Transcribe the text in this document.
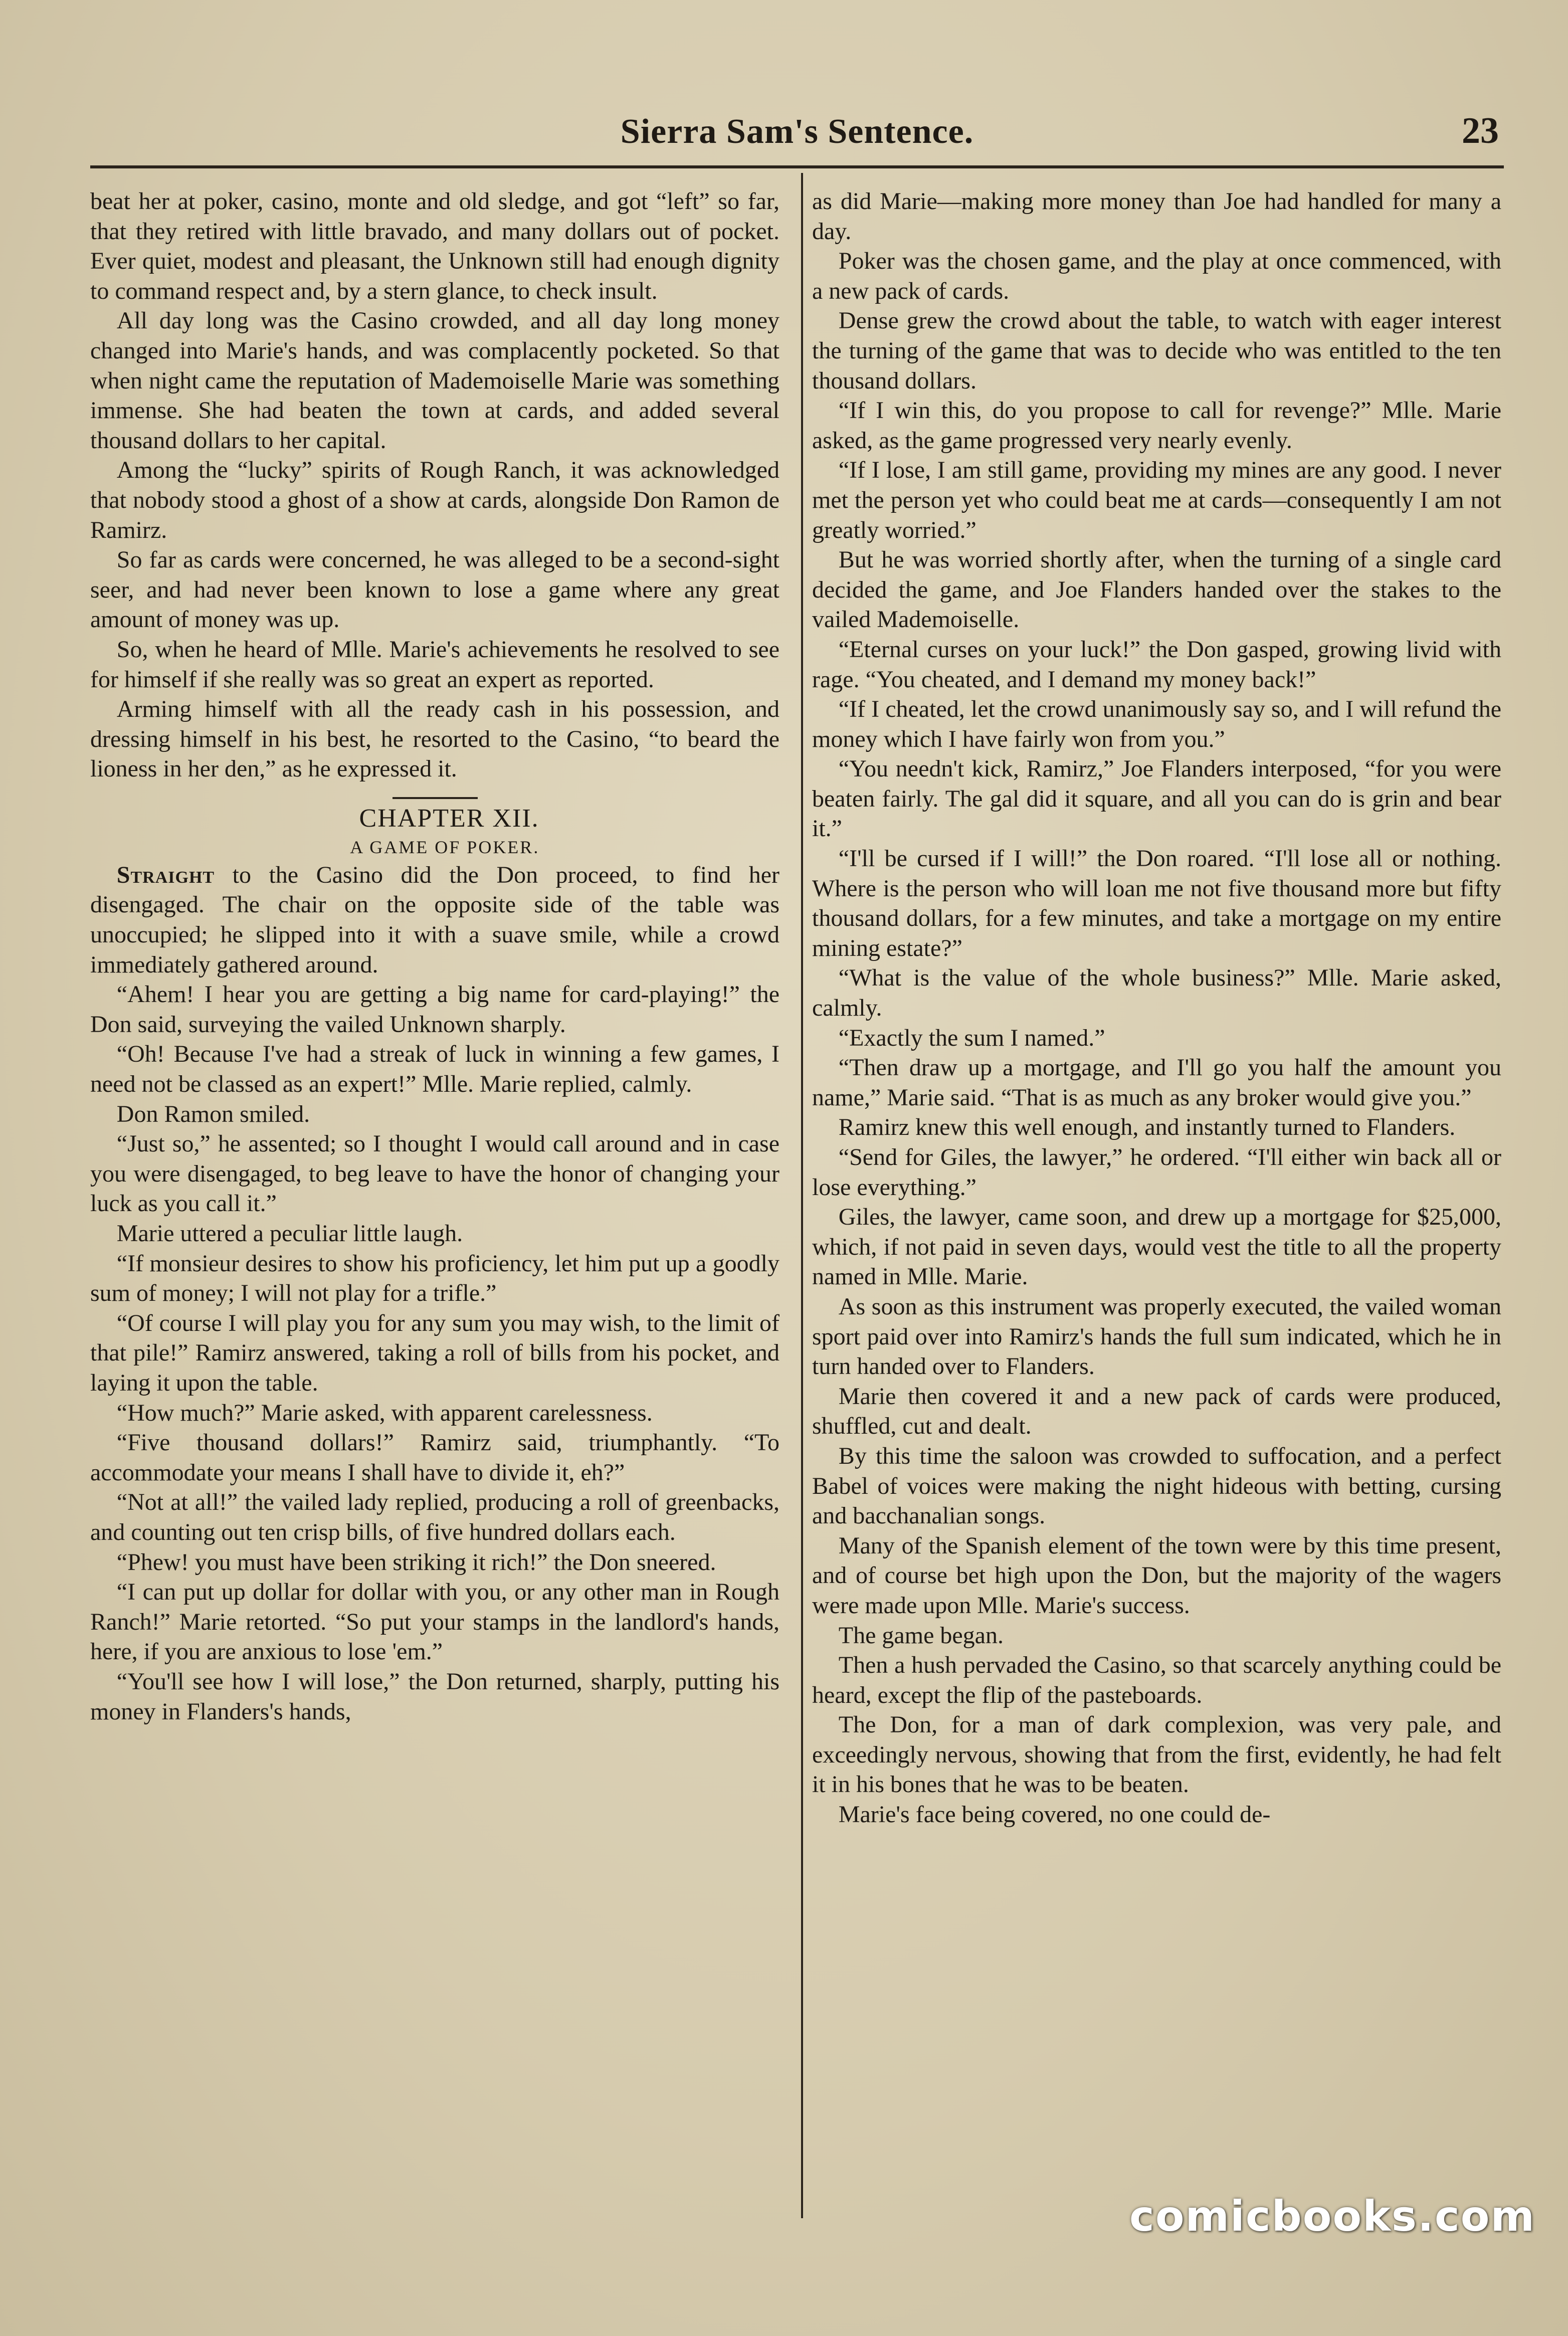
Sierra Sam's Sentence.	23

beat her at poker, casino, monte and old sledge, and got “left” so far, that they retired with little bravado, and many dollars out of pocket. Ever quiet, modest and pleasant, the Unknown still had enough dignity to command respect and, by a stern glance, to check insult.

All day long was the Casino crowded, and all day long money changed into Marie's hands, and was complacently pocketed. So that when night came the reputation of Mademoiselle Marie was something immense. She had beaten the town at cards, and added several thousand dollars to her capital.

Among the “lucky” spirits of Rough Ranch, it was acknowledged that nobody stood a ghost of a show at cards, alongside Don Ramon de Ramirz.

So far as cards were concerned, he was alleged to be a second-sight seer, and had never been known to lose a game where any great amount of money was up.

So, when he heard of Mlle. Marie's achievements he resolved to see for himself if she really was so great an expert as reported.

Arming himself with all the ready cash in his possession, and dressing himself in his best, he resorted to the Casino, “to beard the lioness in her den,” as he expressed it.

CHAPTER XII.

A GAME OF POKER.

Straight to the Casino did the Don proceed, to find her disengaged. The chair on the opposite side of the table was unoccupied; he slipped into it with a suave smile, while a crowd immediately gathered around.

“Ahem! I hear you are getting a big name for card-playing!” the Don said, surveying the vailed Unknown sharply.

“Oh! Because I've had a streak of luck in winning a few games, I need not be classed as an expert!” Mlle. Marie replied, calmly.

Don Ramon smiled.

“Just so,” he assented; so I thought I would call around and in case you were disengaged, to beg leave to have the honor of changing your luck as you call it.”

Marie uttered a peculiar little laugh.

“If monsieur desires to show his proficiency, let him put up a goodly sum of money; I will not play for a trifle.”

“Of course I will play you for any sum you may wish, to the limit of that pile!” Ramirz answered, taking a roll of bills from his pocket, and laying it upon the table.

“How much?” Marie asked, with apparent carelessness.

“Five thousand dollars!” Ramirz said, triumphantly. “To accommodate your means I shall have to divide it, eh?”

“Not at all!” the vailed lady replied, producing a roll of greenbacks, and counting out ten crisp bills, of five hundred dollars each.

“Phew! you must have been striking it rich!” the Don sneered.

“I can put up dollar for dollar with you, or any other man in Rough Ranch!” Marie retorted. “So put your stamps in the landlord's hands, here, if you are anxious to lose 'em.”

“You'll see how I will lose,” the Don returned, sharply, putting his money in Flanders's hands,

as did Marie—making more money than Joe had handled for many a day.

Poker was the chosen game, and the play at once commenced, with a new pack of cards.

Dense grew the crowd about the table, to watch with eager interest the turning of the game that was to decide who was entitled to the ten thousand dollars.

“If I win this, do you propose to call for revenge?” Mlle. Marie asked, as the game progressed very nearly evenly.

“If I lose, I am still game, providing my mines are any good. I never met the person yet who could beat me at cards—consequently I am not greatly worried.”

But he was worried shortly after, when the turning of a single card decided the game, and Joe Flanders handed over the stakes to the vailed Mademoiselle.

“Eternal curses on your luck!” the Don gasped, growing livid with rage. “You cheated, and I demand my money back!”

“If I cheated, let the crowd unanimously say so, and I will refund the money which I have fairly won from you.”

“You needn't kick, Ramirz,” Joe Flanders interposed, “for you were beaten fairly. The gal did it square, and all you can do is grin and bear it.”

“I'll be cursed if I will!” the Don roared. “I'll lose all or nothing. Where is the person who will loan me not five thousand more but fifty thousand dollars, for a few minutes, and take a mortgage on my entire mining estate?”

“What is the value of the whole business?” Mlle. Marie asked, calmly.

“Exactly the sum I named.”

“Then draw up a mortgage, and I'll go you half the amount you name,” Marie said. “That is as much as any broker would give you.”

Ramirz knew this well enough, and instantly turned to Flanders.

“Send for Giles, the lawyer,” he ordered. “I'll either win back all or lose everything.”

Giles, the lawyer, came soon, and drew up a mortgage for $25,000, which, if not paid in seven days, would vest the title to all the property named in Mlle. Marie.

As soon as this instrument was properly executed, the vailed woman sport paid over into Ramirz's hands the full sum indicated, which he in turn handed over to Flanders.

Marie then covered it and a new pack of cards were produced, shuffled, cut and dealt.

By this time the saloon was crowded to suffocation, and a perfect Babel of voices were making the night hideous with betting, cursing and bacchanalian songs.

Many of the Spanish element of the town were by this time present, and of course bet high upon the Don, but the majority of the wagers were made upon Mlle. Marie's success.

The game began.

Then a hush pervaded the Casino, so that scarcely anything could be heard, except the flip of the pasteboards.

The Don, for a man of dark complexion, was very pale, and exceedingly nervous, showing that from the first, evidently, he had felt it in his bones that he was to be beaten.

Marie's face being covered, no one could de-

comicbooks.com
